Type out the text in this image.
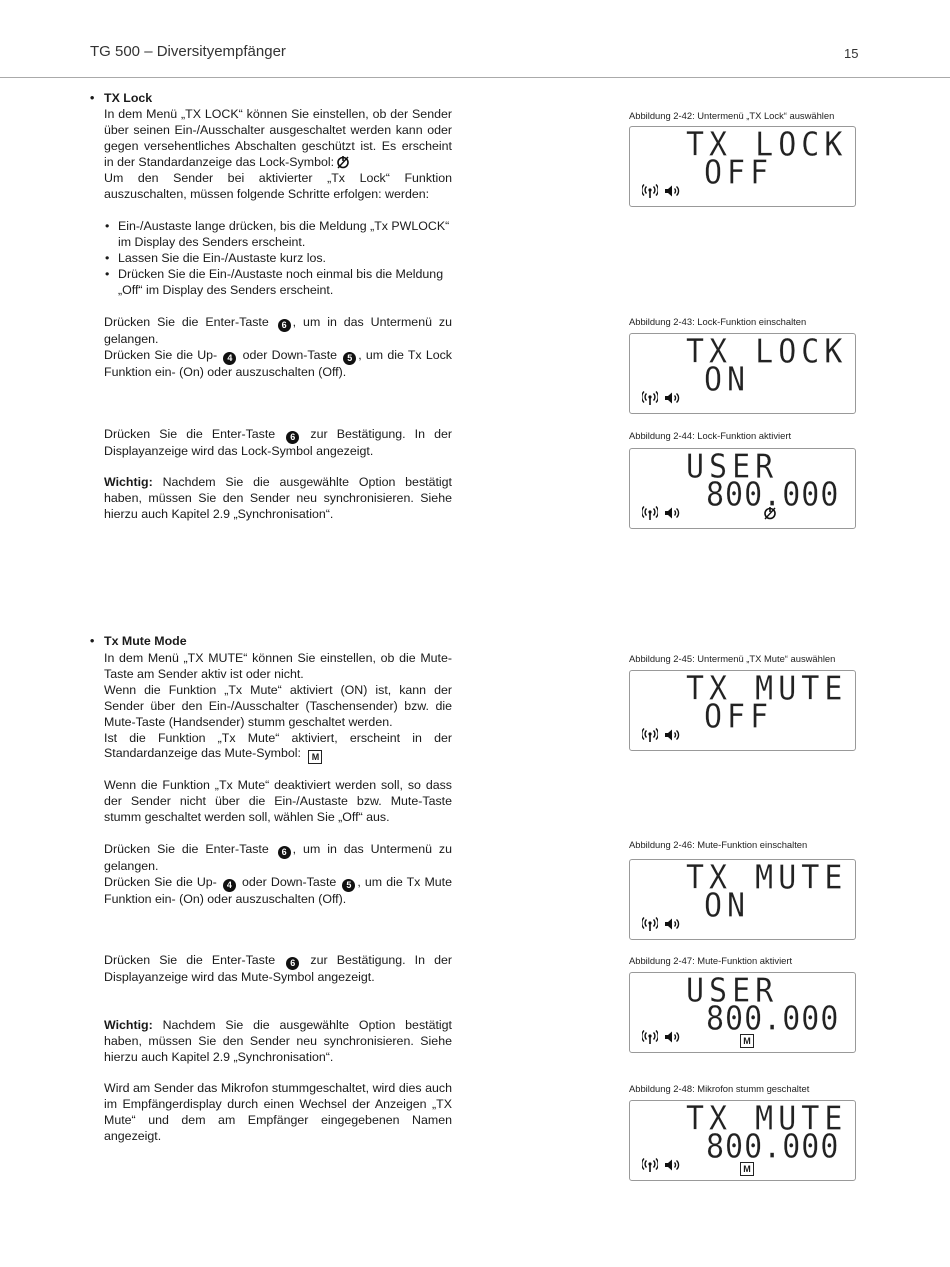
TG 500 – Diversityempfänger	15
• TX Lock

In dem Menü „TX LOCK“ können Sie einstellen, ob der Sender über seinen Ein-/Ausschalter ausgeschaltet werden kann oder gegen versehentliches Abschalten geschützt ist. Es erscheint in der Standardanzeige das Lock-Symbol:

Um den Sender bei aktivierter „Tx Lock“ Funktion auszuschalten, müssen folgende Schritte erfolgen: werden:

• Ein-/Austaste lange drücken, bis die Meldung „Tx PWLOCK“ im Display des Senders erscheint.
• Lassen Sie die Ein-/Austaste kurz los.
• Drücken Sie die Ein-/Austaste noch einmal bis die Meldung „Off“ im Display des Senders erscheint.

Drücken Sie die Enter-Taste 6 , um in das Untermenü zu gelangen.
Drücken Sie die Up- 4 oder Down-Taste 5 , um die Tx Lock Funktion ein- (On) oder auszuschalten (Off).

Drücken Sie die Enter-Taste 6 zur Bestätigung. In der Displayanzeige wird das Lock-Symbol angezeigt.

Wichtig: Nachdem Sie die ausgewählte Option bestätigt haben, müssen Sie den Sender neu synchronisieren. Siehe hierzu auch Kapitel 2.9 „Synchronisation“.

• Tx Mute Mode

In dem Menü „TX MUTE“ können Sie einstellen, ob die Mute-Taste am Sender aktiv ist oder nicht.
Wenn die Funktion „Tx Mute“ aktiviert (ON) ist, kann der Sender über den Ein-/Ausschalter (Taschensender) bzw. die Mute-Taste (Handsender) stumm geschaltet werden.
Ist die Funktion „Tx Mute“ aktiviert, erscheint in der Standardanzeige das Mute-Symbol: M

Wenn die Funktion „Tx Mute“ deaktiviert werden soll, so dass der Sender nicht über die Ein-/Austaste bzw. Mute-Taste stumm geschaltet werden soll, wählen Sie „Off“ aus.

Drücken Sie die Enter-Taste 6 , um in das Untermenü zu gelangen.
Drücken Sie die Up- 4 oder Down-Taste 5 , um die Tx Mute Funktion ein- (On) oder auszuschalten (Off).

Drücken Sie die Enter-Taste 6 zur Bestätigung. In der Displayanzeige wird das Mute-Symbol angezeigt.

Wichtig: Nachdem Sie die ausgewählte Option bestätigt haben, müssen Sie den Sender neu synchronisieren. Siehe hierzu auch Kapitel 2.9 „Synchronisation“.

Wird am Sender das Mikrofon stummgeschaltet, wird dies auch im Empfängerdisplay durch einen Wechsel der Anzeigen „TX Mute“ und dem am Empfänger eingegebenen Namen angezeigt.

Abbildung 2-42: Untermenü „TX Lock“ auswählen
TX LOCK
OFF
Abbildung 2-43: Lock-Funktion einschalten
TX LOCK
ON
Abbildung 2-44: Lock-Funktion aktiviert
USER
800.000
Abbildung 2-45: Untermenü „TX Mute“ auswählen
TX MUTE
OFF
Abbildung 2-46: Mute-Funktion einschalten
TX MUTE
ON
Abbildung 2-47: Mute-Funktion aktiviert
USER
800.000
M
Abbildung 2-48: Mikrofon stumm geschaltet
TX MUTE
800.000
M
